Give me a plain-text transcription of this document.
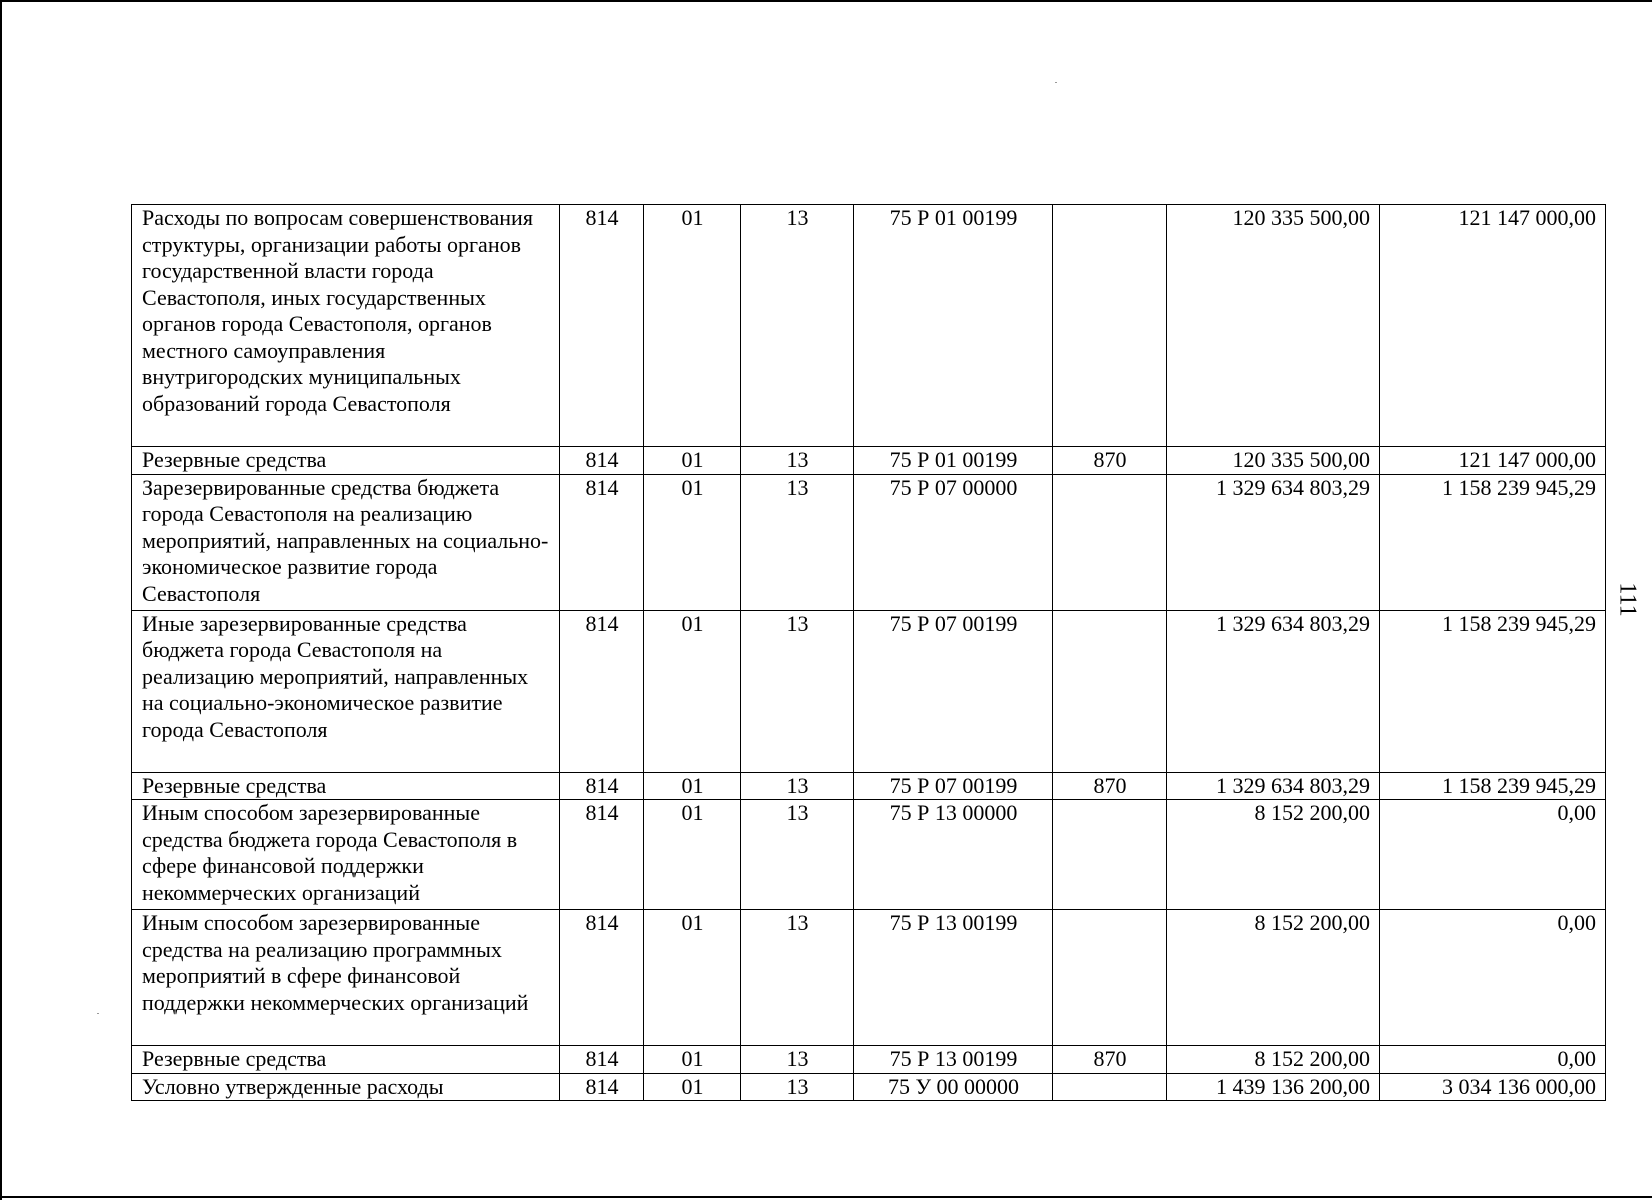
Расходы по вопросам совершенствования структуры, организации работы органов государственной власти города Севастополя, иных государственных органов города Севастополя, органов местного самоуправления внутригородских муниципальных образований города Севастополя	814	01	13	75 Р 01 00199		120 335 500,00	121 147 000,00
Резервные средства	814	01	13	75 Р 01 00199	870	120 335 500,00	121 147 000,00
Зарезервированные средства бюджета города Севастополя на реализацию мероприятий, направленных на социально-экономическое развитие города Севастополя	814	01	13	75 Р 07 00000		1 329 634 803,29	1 158 239 945,29
Иные зарезервированные средства бюджета города Севастополя на реализацию мероприятий, направленных на социально-экономическое развитие города Севастополя	814	01	13	75 Р 07 00199		1 329 634 803,29	1 158 239 945,29
Резервные средства	814	01	13	75 Р 07 00199	870	1 329 634 803,29	1 158 239 945,29
Иным способом зарезервированные средства бюджета города Севастополя в сфере финансовой поддержки некоммерческих организаций	814	01	13	75 Р 13 00000		8 152 200,00	0,00
Иным способом зарезервированные средства на реализацию программных мероприятий в сфере финансовой поддержки некоммерческих организаций	814	01	13	75 Р 13 00199		8 152 200,00	0,00
Резервные средства	814	01	13	75 Р 13 00199	870	8 152 200,00	0,00
Условно утвержденные расходы	814	01	13	75 У 00 00000		1 439 136 200,00	3 034 136 000,00
111
